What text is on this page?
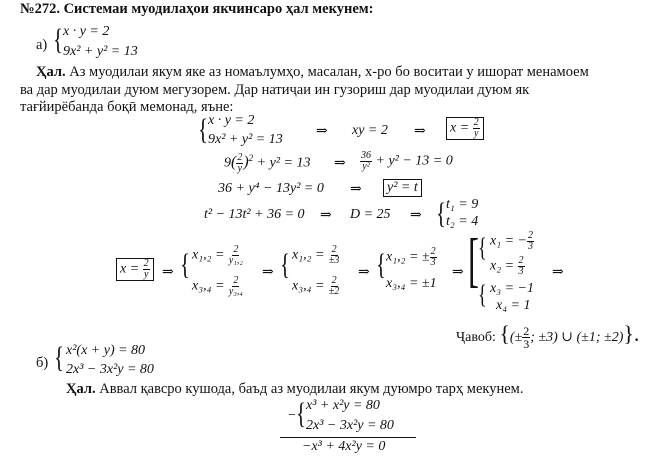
№272. Системаи муодилаҳои якчинсаро ҳал мекунем:
а) { x · y = 2
9x² + y² = 13
Ҳал. Аз муодилаи якум яке аз номаълумҳо, масалан, x-ро бо воситаи y ишорат менамоем
ва дар муодилаи дуюм мегузорем. Дар натиҷаи ин гузориш дар муодилаи дуюм як
тағйирёбанда боқӣ мемонад, яъне:
{ x · y = 2
9x² + y² = 13
⇒ xy = 2 ⇒ $x = \frac{2}{y}$
$9( \frac{2}{y} )^2 + y^2 = 13$ ⇒ $\frac{36}{\text{y²}} + y^2 - 13 = 0$
36 + y⁴ − 13y² = 0 ⇒ y² = t
t² − 13t² + 36 = 0 ⇒ D = 25 ⇒ { t₁ = 9
t₂ = 4
$x = \frac{2}{y}$ ⇒ { $x_1,_2 = \frac{2}{\text{y₁,₂}}$
$x_3,_4 = \frac{2}{\text{y₃,₄}}$
⇒ { $x_1,_2 = \frac{2}{\pm 3}$
$x_3,_4 = \frac{2}{\pm 2}$
⇒ { x₁,₂ = ± $\frac{2}{3}$
x₃,₄ = ±1
⇒ [ { x₁ = − $\frac{2}{3}$
$x_2 = \frac{2}{3}$
{ x₃ = −1
x₄ = 1
⇒
Ҷавоб: {(± $\frac{2}{3}$ ; ±3) ∪ (±1; ±2)}.
б) { x²(x + y) = 80
2x³ − 3x²y = 80
Ҳал. Аввал қавсро кушода, баъд аз муодилаи якум дуюмро тарҳ мекунем.
− { x³ + x²y = 80
2x³ − 3x²y = 80
−x³ + 4x²y = 0
